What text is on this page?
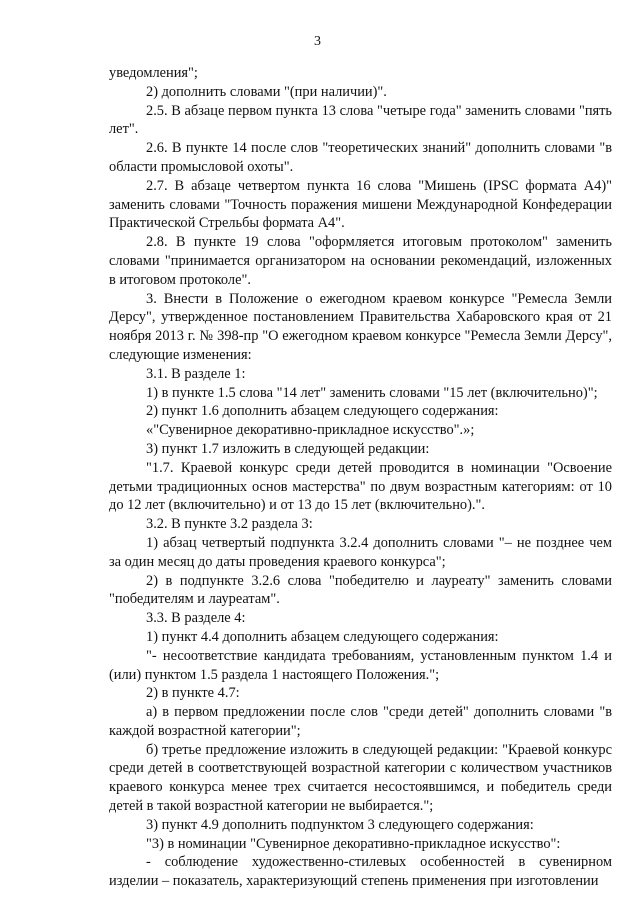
3

уведомления";

2) дополнить словами "(при наличии)".

2.5. В абзаце первом пункта 13 слова "четыре года" заменить словами "пять лет".

2.6. В пункте 14 после слов "теоретических знаний" дополнить словами "в области промысловой охоты".

2.7. В абзаце четвертом пункта 16 слова "Мишень (IPSC формата А4)" заменить словами "Точность поражения мишени Международной Конфедерации Практической Стрельбы формата А4".

2.8. В пункте 19 слова "оформляется итоговым протоколом" заменить словами "принимается организатором на основании рекомендаций, изложенных в итоговом протоколе".

3. Внести в Положение о ежегодном краевом конкурсе "Ремесла Земли Дерсу", утвержденное постановлением Правительства Хабаровского края от 21 ноября 2013 г. № 398-пр "О ежегодном краевом конкурсе "Ремесла Земли Дерсу", следующие изменения:

3.1. В разделе 1:

1) в пункте 1.5 слова "14 лет" заменить словами "15 лет (включительно)";

2) пункт 1.6 дополнить абзацем следующего содержания:

«"Сувенирное декоративно-прикладное искусство".»;

3) пункт 1.7 изложить в следующей редакции:

"1.7. Краевой конкурс среди детей проводится в номинации "Освоение детьми традиционных основ мастерства" по двум возрастным категориям: от 10 до 12 лет (включительно) и от 13 до 15 лет (включительно).".

3.2. В пункте 3.2 раздела 3:

1) абзац четвертый подпункта 3.2.4 дополнить словами "– не позднее чем за один месяц до даты проведения краевого конкурса";

2) в подпункте 3.2.6 слова "победителю и лауреату" заменить словами "победителям и лауреатам".

3.3. В разделе 4:

1) пункт 4.4 дополнить абзацем следующего содержания:

"- несоответствие кандидата требованиям, установленным пунктом 1.4 и (или) пунктом 1.5 раздела 1 настоящего Положения.";

2) в пункте 4.7:

а) в первом предложении после слов "среди детей" дополнить словами "в каждой возрастной категории";

б) третье предложение изложить в следующей редакции: "Краевой конкурс среди детей в соответствующей возрастной категории с количеством участников краевого конкурса менее трех считается несостоявшимся, и победитель среди детей в такой возрастной категории не выбирается.";

3) пункт 4.9 дополнить подпунктом 3 следующего содержания:

"3) в номинации "Сувенирное декоративно-прикладное искусство":

- соблюдение художественно-стилевых особенностей в сувенирном изделии – показатель, характеризующий степень применения при изготовлении
